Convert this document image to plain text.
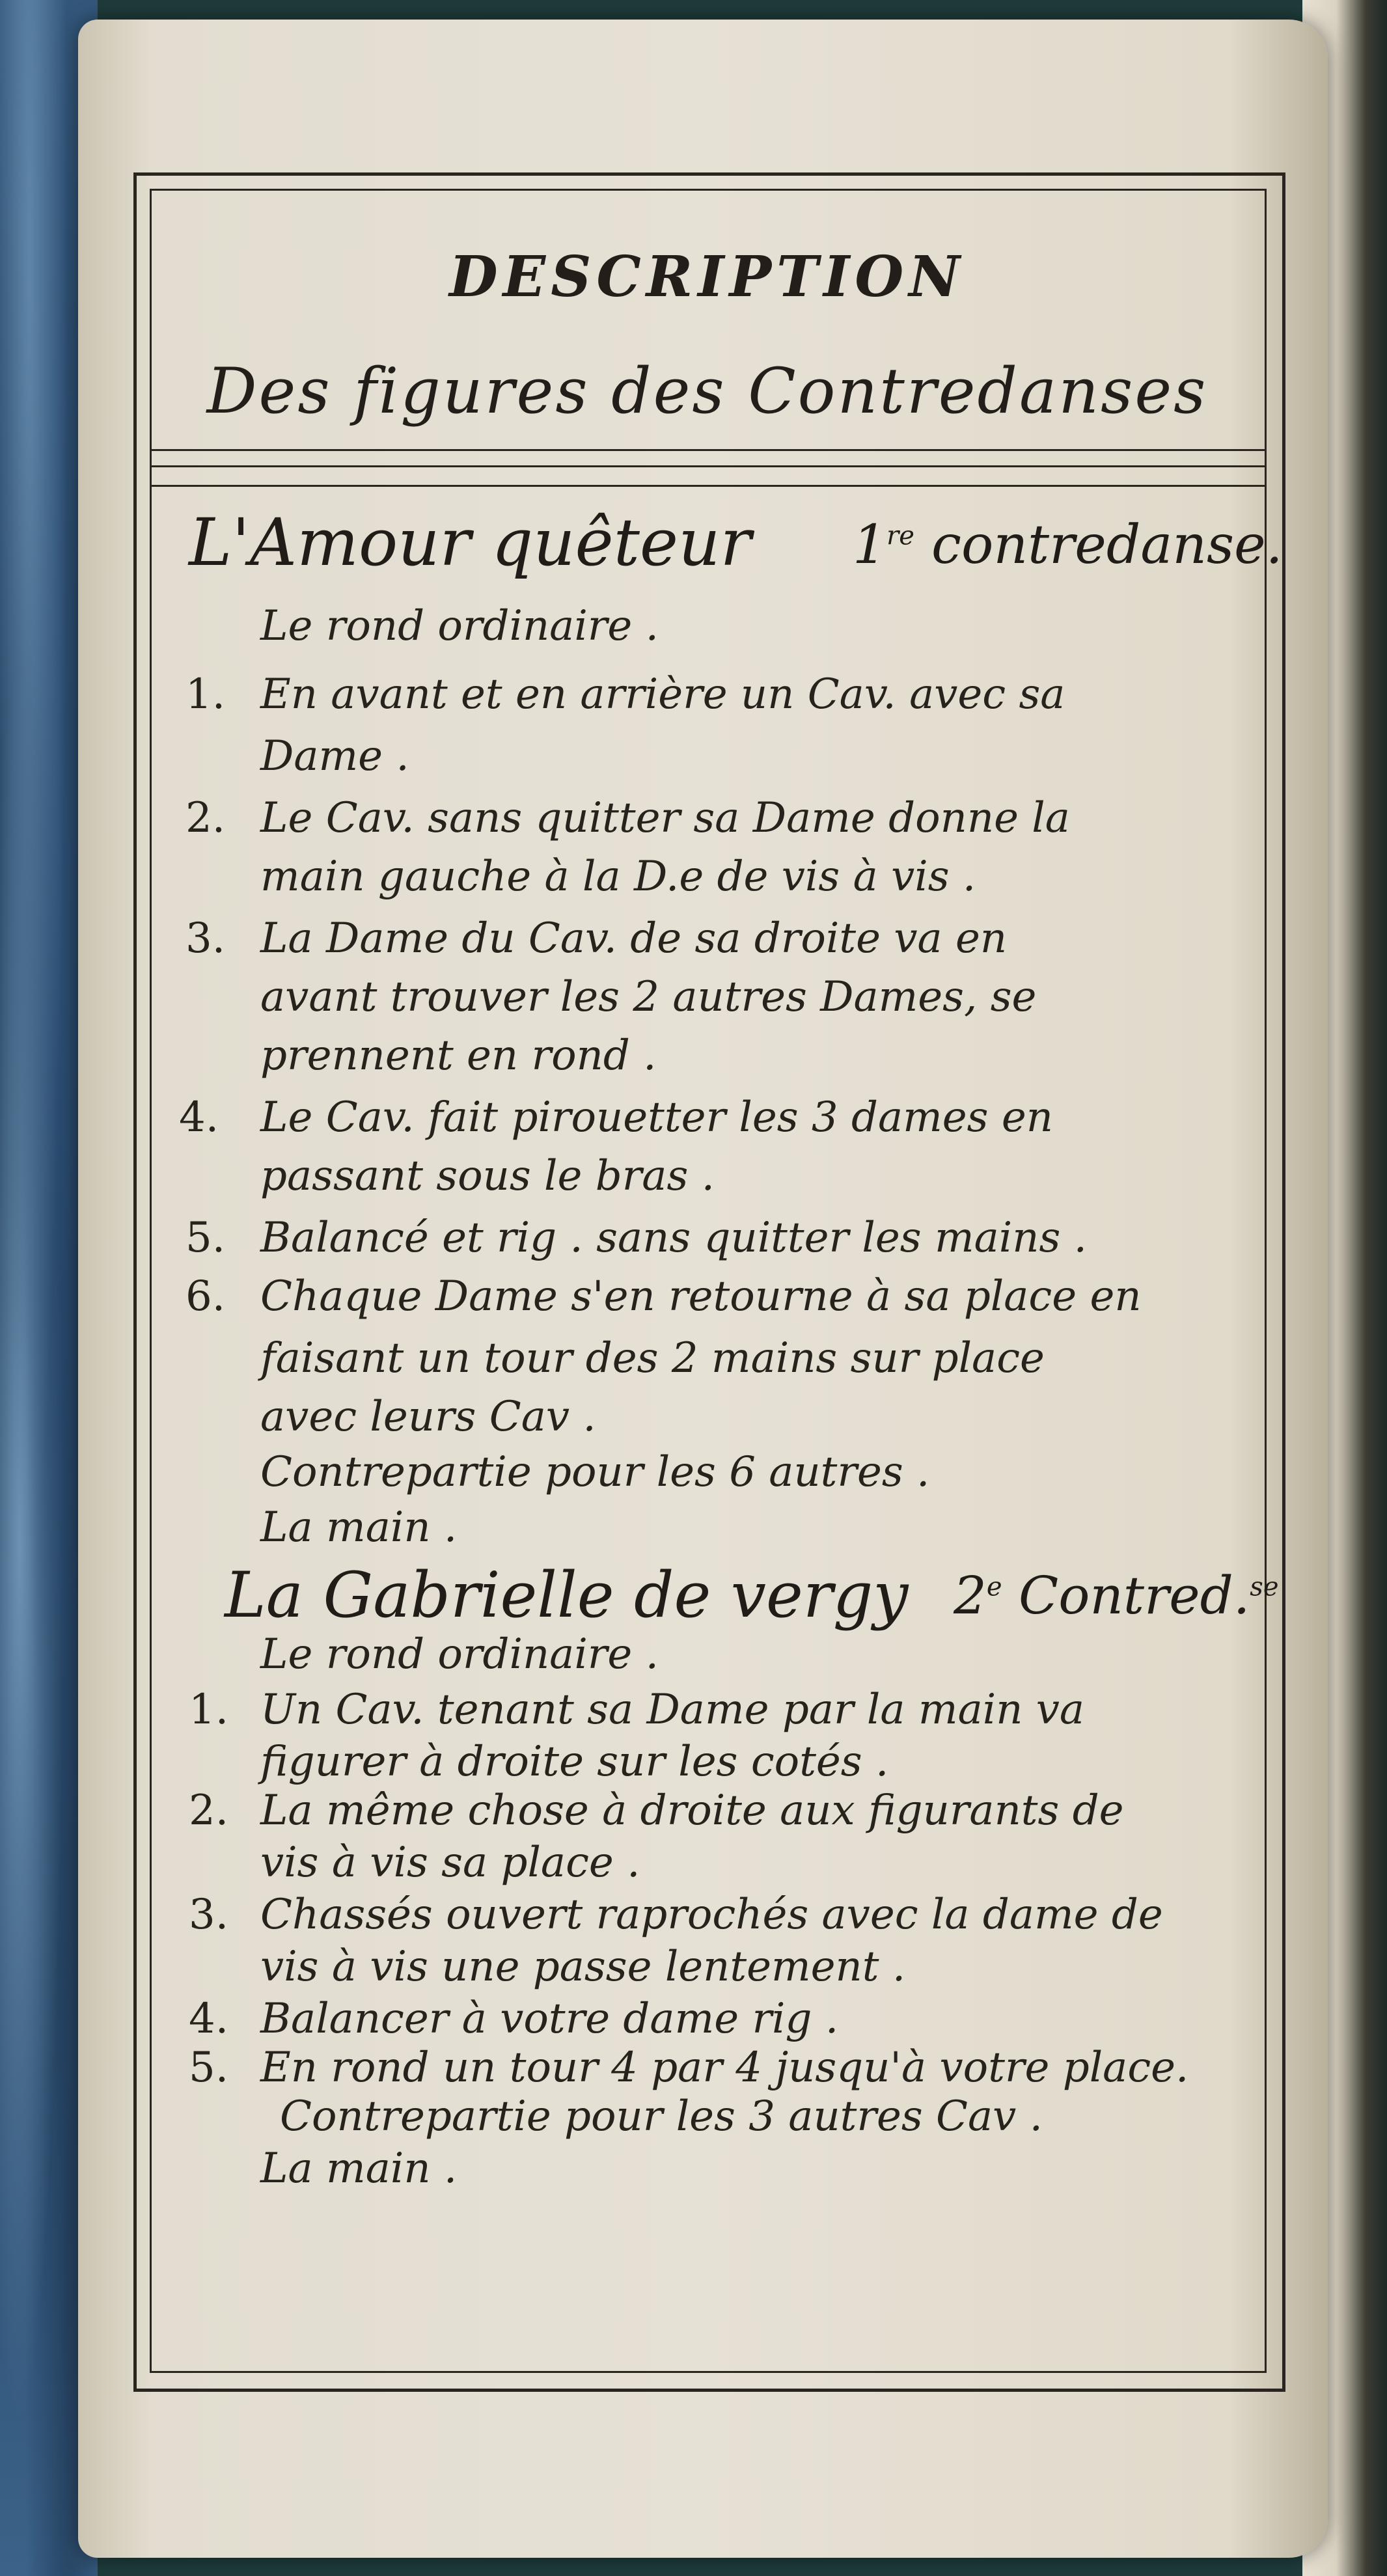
DESCRIPTION
Des figures des Contredanses
L'Amour quêteur 1re contredanse.
Le rond ordinaire .
1. En avant et en arrière un Cav. avec sa
Dame .
2. Le Cav. sans quitter sa Dame donne la
main gauche à la D.e de vis à vis .
3. La Dame du Cav. de sa droite va en
avant trouver les 2 autres Dames, se
prennent en rond .
4. Le Cav. fait pirouetter les 3 dames en
passant sous le bras .
5. Balancé et rig . sans quitter les mains .
6. Chaque Dame s'en retourne à sa place en
faisant un tour des 2 mains sur place
avec leurs Cav .
Contrepartie pour les 6 autres .
La main .
La Gabrielle de vergy 2e Contred.$^{se}$
Le rond ordinaire .
1. Un Cav. tenant sa Dame par la main va
figurer à droite sur les cotés .
2. La même chose à droite aux figurants de
vis à vis sa place .
3. Chassés ouvert raprochés avec la dame de
vis à vis une passe lentement .
4. Balancer à votre dame rig .
5. En rond un tour 4 par 4 jusqu'à votre place.
Contrepartie pour les 3 autres Cav .
La main .
